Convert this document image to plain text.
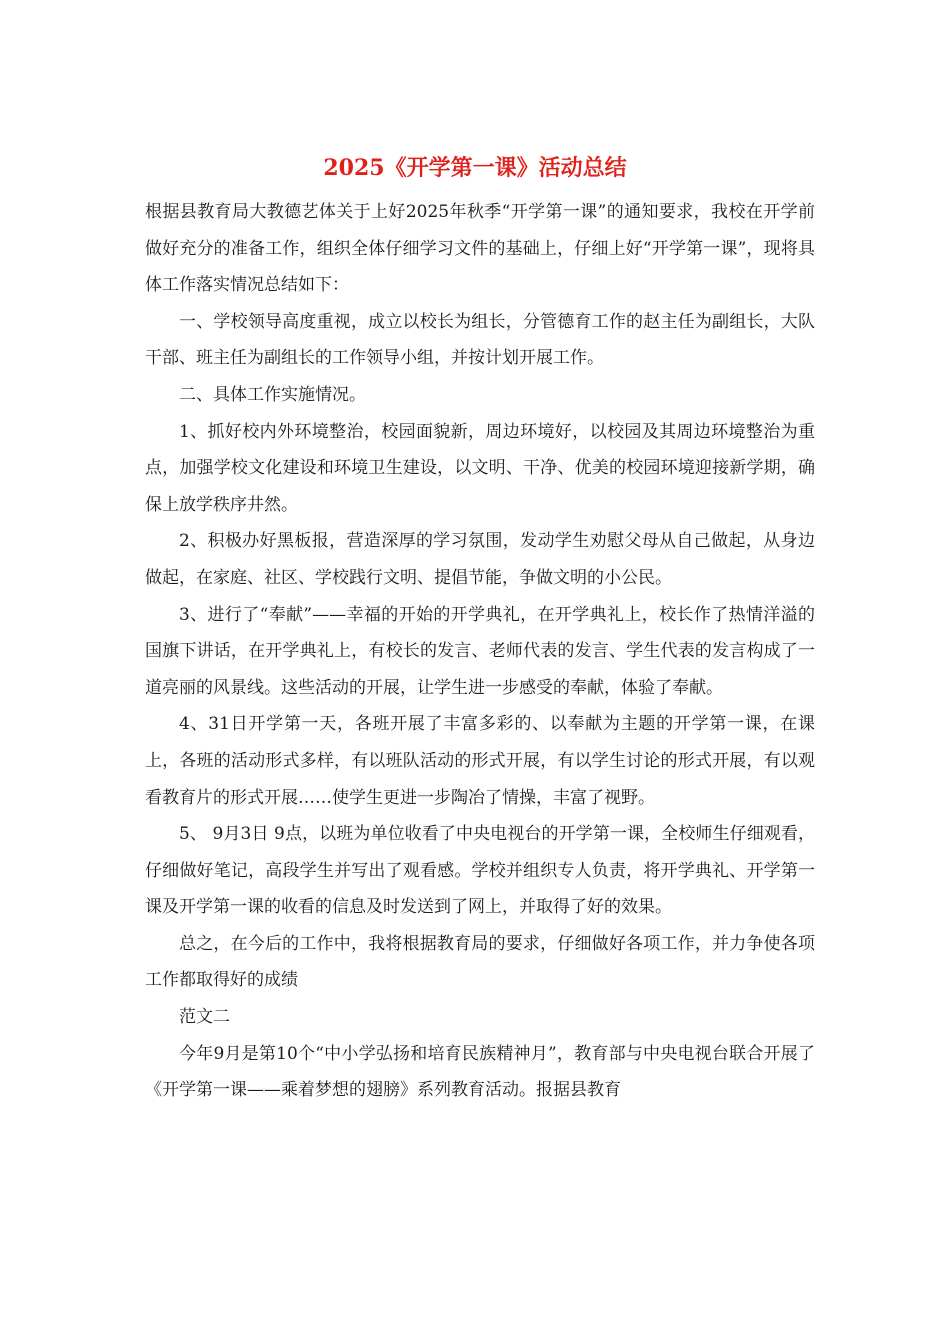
2025《开学第一课》活动总结

根据县教育局大教德艺体关于上好2025年秋季“开学第一课”的通知要求，我校在开学前做好充分的准备工作，组织全体仔细学习文件的基础上，仔细上好“开学第一课”，现将具体工作落实情况总结如下：

一、学校领导高度重视，成立以校长为组长，分管德育工作的赵主任为副组长，大队干部、班主任为副组长的工作领导小组，并按计划开展工作。

二、具体工作实施情况。

1、抓好校内外环境整治，校园面貌新，周边环境好，以校园及其周边环境整治为重点，加强学校文化建设和环境卫生建设，以文明、干净、优美的校园环境迎接新学期，确保上放学秩序井然。

2、积极办好黑板报，营造深厚的学习氛围，发动学生劝慰父母从自己做起，从身边做起，在家庭、社区、学校践行文明、提倡节能，争做文明的小公民。

3、进行了“奉献”——幸福的开始的开学典礼，在开学典礼上，校长作了热情洋溢的国旗下讲话，在开学典礼上，有校长的发言、老师代表的发言、学生代表的发言构成了一道亮丽的风景线。这些活动的开展，让学生进一步感受的奉献，体验了奉献。

4、31日开学第一天，各班开展了丰富多彩的、以奉献为主题的开学第一课，在课上，各班的活动形式多样，有以班队活动的形式开展，有以学生讨论的形式开展，有以观看教育片的形式开展……使学生更进一步陶冶了情操，丰富了视野。

5、 9月3日 9点，以班为单位收看了中央电视台的开学第一课，全校师生仔细观看，仔细做好笔记，高段学生并写出了观看感。学校并组织专人负责，将开学典礼、开学第一课及开学第一课的收看的信息及时发送到了网上，并取得了好的效果。

总之，在今后的工作中，我将根据教育局的要求，仔细做好各项工作，并力争使各项工作都取得好的成绩

范文二

今年9月是第10个“中小学弘扬和培育民族精神月”，教育部与中央电视台联合开展了《开学第一课——乘着梦想的翅膀》系列教育活动。报据县教育
